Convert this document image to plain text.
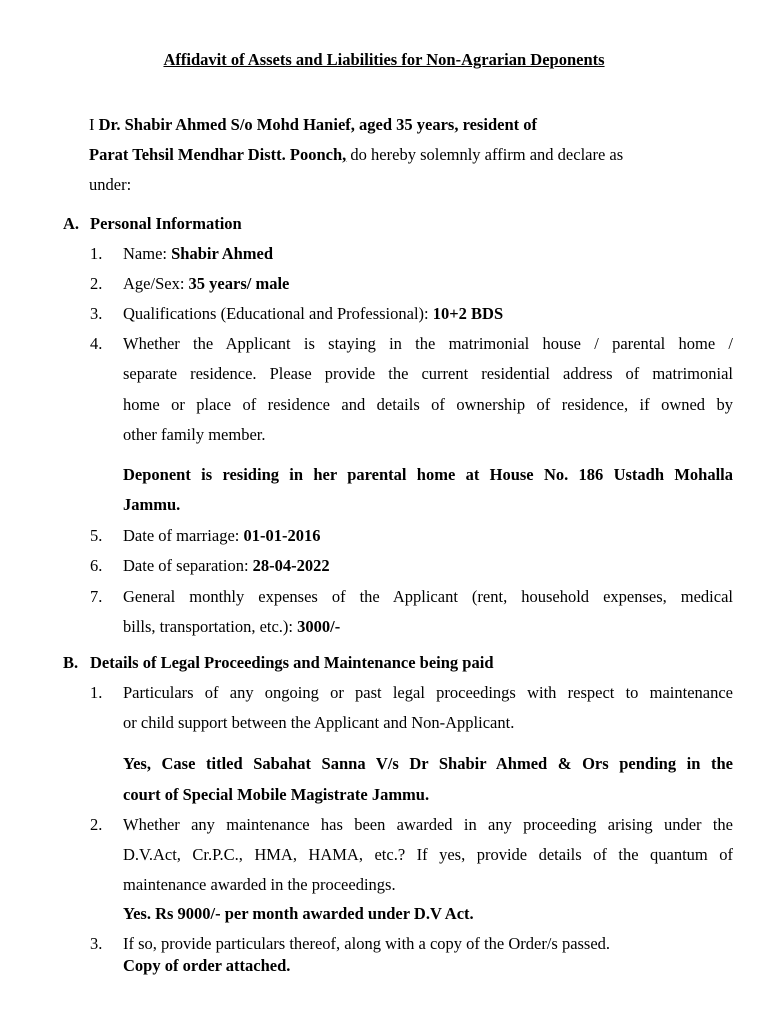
Affidavit of Assets and Liabilities for Non-Agrarian Deponents
I Dr. Shabir Ahmed S/o Mohd Hanief, aged 35 years, resident of
Parat Tehsil Mendhar Distt. Poonch, do hereby solemnly affirm and declare as
under:
A. Personal Information
1. Name: Shabir Ahmed
2. Age/Sex: 35 years/ male
3. Qualifications (Educational and Professional): 10+2 BDS
4. Whether the Applicant is staying in the matrimonial house / parental home /
separate residence. Please provide the current residential address of matrimonial
home or place of residence and details of ownership of residence, if owned by
other family member.
Deponent is residing in her parental home at House No. 186 Ustadh Mohalla
Jammu.
5. Date of marriage: 01-01-2016
6. Date of separation: 28-04-2022
7. General monthly expenses of the Applicant (rent, household expenses, medical
bills, transportation, etc.): 3000/-
B. Details of Legal Proceedings and Maintenance being paid
1. Particulars of any ongoing or past legal proceedings with respect to maintenance
or child support between the Applicant and Non-Applicant.
Yes, Case titled Sabahat Sanna V/s Dr Shabir Ahmed & Ors pending in the
court of Special Mobile Magistrate Jammu.
2. Whether any maintenance has been awarded in any proceeding arising under the
D.V.Act, Cr.P.C., HMA, HAMA, etc.? If yes, provide details of the quantum of
maintenance awarded in the proceedings.
Yes. Rs 9000/- per month awarded under D.V Act.
3. If so, provide particulars thereof, along with a copy of the Order/s passed.
Copy of order attached.
